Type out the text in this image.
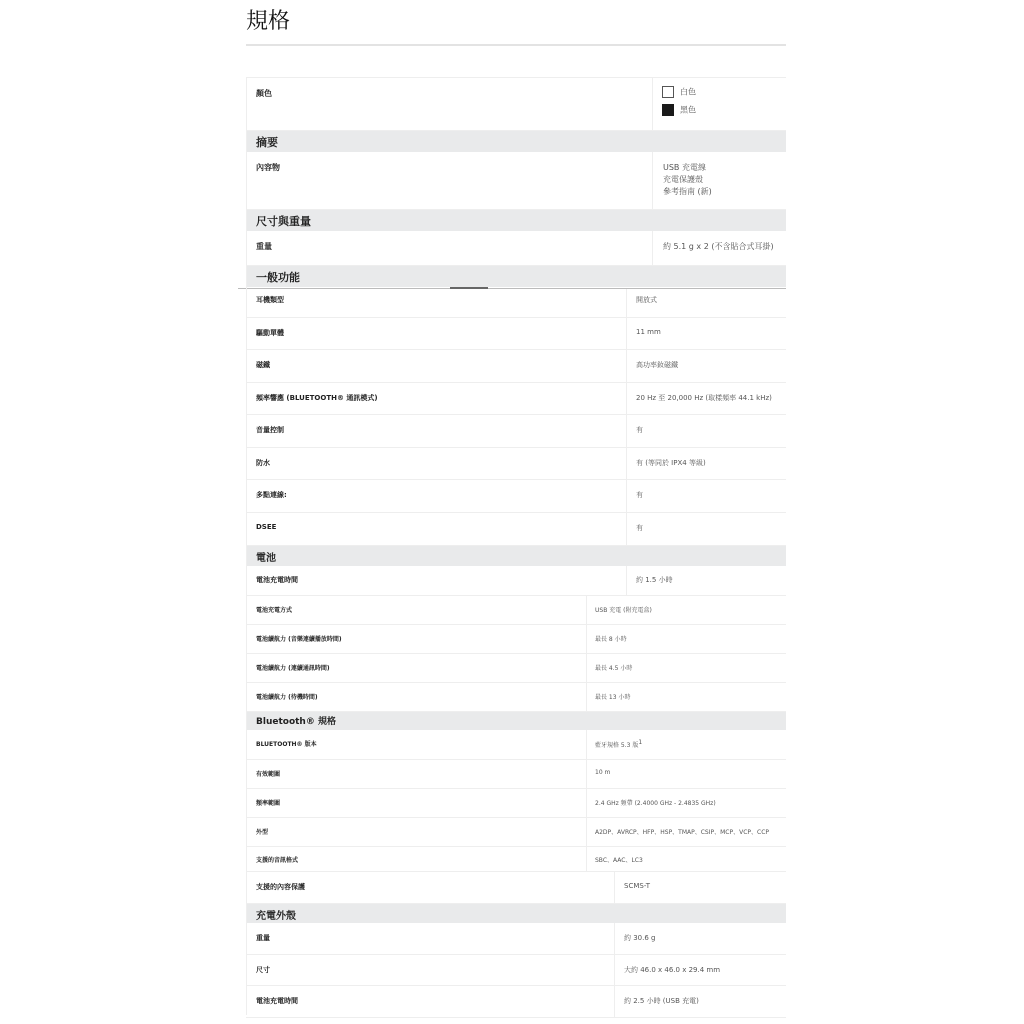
規格
顏色	白色
黑色
摘要
內容物	USB 充電線
充電保護殼
參考指南 (新)
尺寸與重量
重量	約 5.1 g x 2 (不含貼合式耳掛)
一般功能
耳機類型	開放式
驅動單體	11 mm
磁鐵	高功率釹磁鐵
頻率響應 (BLUETOOTH® 通訊模式)	20 Hz 至 20,000 Hz (取樣頻率 44.1 kHz)
音量控制	有
防水	有 (等同於 IPX4 等級)
多點連線:	有
DSEE	有
電池
電池充電時間	約 1.5 小時
電池充電方式	USB 充電 (附充電盒)
電池續航力 (音樂連續播放時間)	最長 8 小時
電池續航力 (連續通訊時間)	最長 4.5 小時
電池續航力 (待機時間)	最長 13 小時
Bluetooth® 規格
BLUETOOTH® 版本	藍牙規格 5.3 版$^1$
有效範圍	10 m
頻率範圍	2.4 GHz 頻帶 (2.4000 GHz - 2.4835 GHz)
外型	A2DP、AVRCP、HFP、HSP、TMAP、CSIP、MCP、VCP、CCP
支援的音訊格式	SBC、AAC、LC3
支援的內容保護	SCMS-T
充電外殼
重量	約 30.6 g
尺寸	大約 46.0 x 46.0 x 29.4 mm
電池充電時間	約 2.5 小時 (USB 充電)
